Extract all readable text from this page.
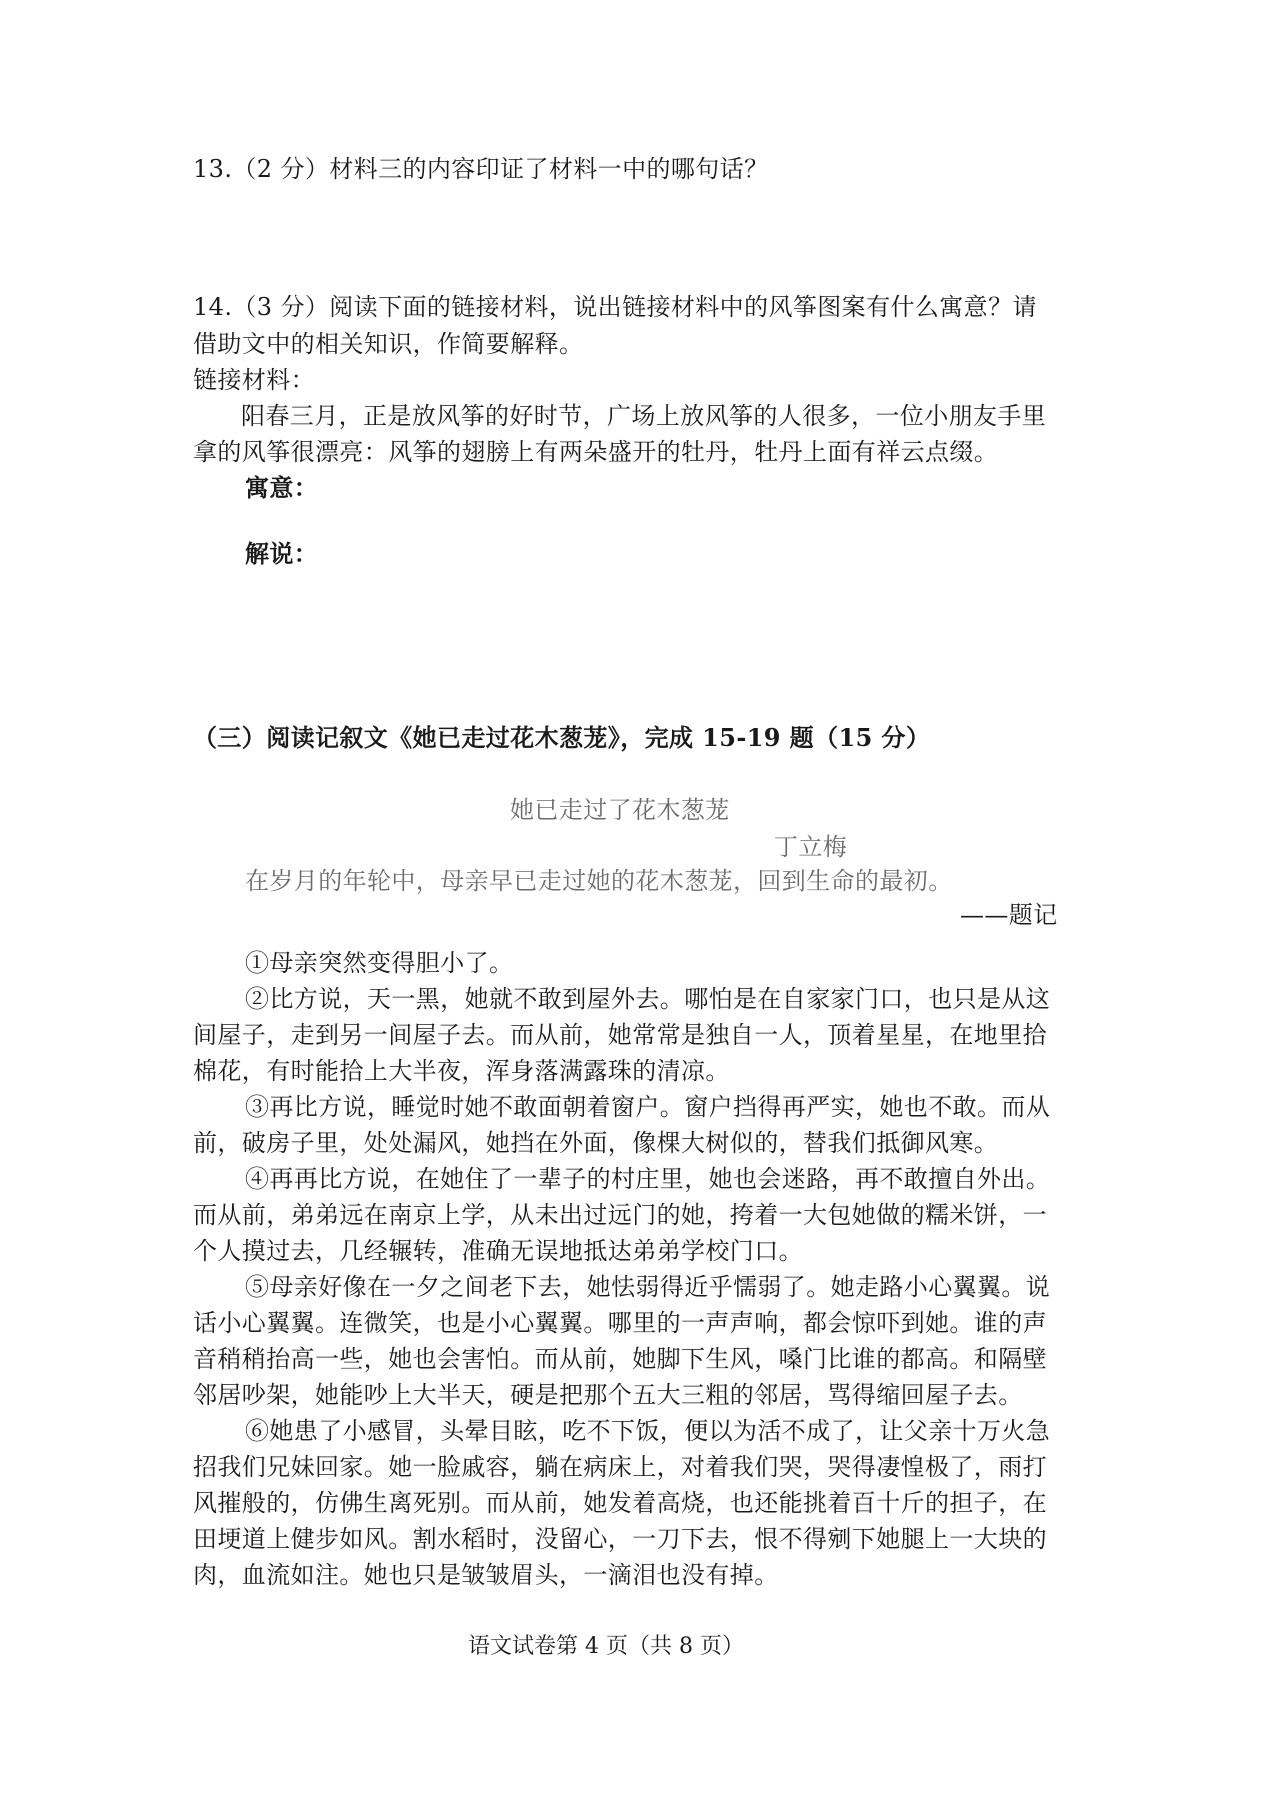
13.（2 分）材料三的内容印证了材料一中的哪句话？
14.（3 分）阅读下面的链接材料，说出链接材料中的风筝图案有什么寓意？请
借助文中的相关知识，作简要解释。
链接材料：
阳春三月，正是放风筝的好时节，广场上放风筝的人很多，一位小朋友手里
拿的风筝很漂亮：风筝的翅膀上有两朵盛开的牡丹，牡丹上面有祥云点缀。
寓意：
解说：
（三）阅读记叙文《她已走过花木葱茏》，完成 15-19 题（15 分）
她已走过了花木葱茏
丁立梅
在岁月的年轮中，母亲早已走过她的花木葱茏，回到生命的最初。
——题记
①母亲突然变得胆小了。
②比方说，天一黑，她就不敢到屋外去。哪怕是在自家家门口，也只是从这
间屋子，走到另一间屋子去。而从前，她常常是独自一人，顶着星星，在地里拾
棉花，有时能拾上大半夜，浑身落满露珠的清凉。
③再比方说，睡觉时她不敢面朝着窗户。窗户挡得再严实，她也不敢。而从
前，破房子里，处处漏风，她挡在外面，像棵大树似的，替我们抵御风寒。
④再再比方说，在她住了一辈子的村庄里，她也会迷路，再不敢擅自外出。
而从前，弟弟远在南京上学，从未出过远门的她，挎着一大包她做的糯米饼，一
个人摸过去，几经辗转，准确无误地抵达弟弟学校门口。
⑤母亲好像在一夕之间老下去，她怯弱得近乎懦弱了。她走路小心翼翼。说
话小心翼翼。连微笑，也是小心翼翼。哪里的一声声响，都会惊吓到她。谁的声
音稍稍抬高一些，她也会害怕。而从前，她脚下生风，嗓门比谁的都高。和隔壁
邻居吵架，她能吵上大半天，硬是把那个五大三粗的邻居，骂得缩回屋子去。
⑥她患了小感冒，头晕目眩，吃不下饭，便以为活不成了，让父亲十万火急
招我们兄妹回家。她一脸戚容，躺在病床上，对着我们哭，哭得凄惶极了，雨打
风摧般的，仿佛生离死别。而从前，她发着高烧，也还能挑着百十斤的担子，在
田埂道上健步如风。割水稻时，没留心，一刀下去，恨不得剜下她腿上一大块的
肉，血流如注。她也只是皱皱眉头，一滴泪也没有掉。
语文试卷第 4 页（共 8 页）
